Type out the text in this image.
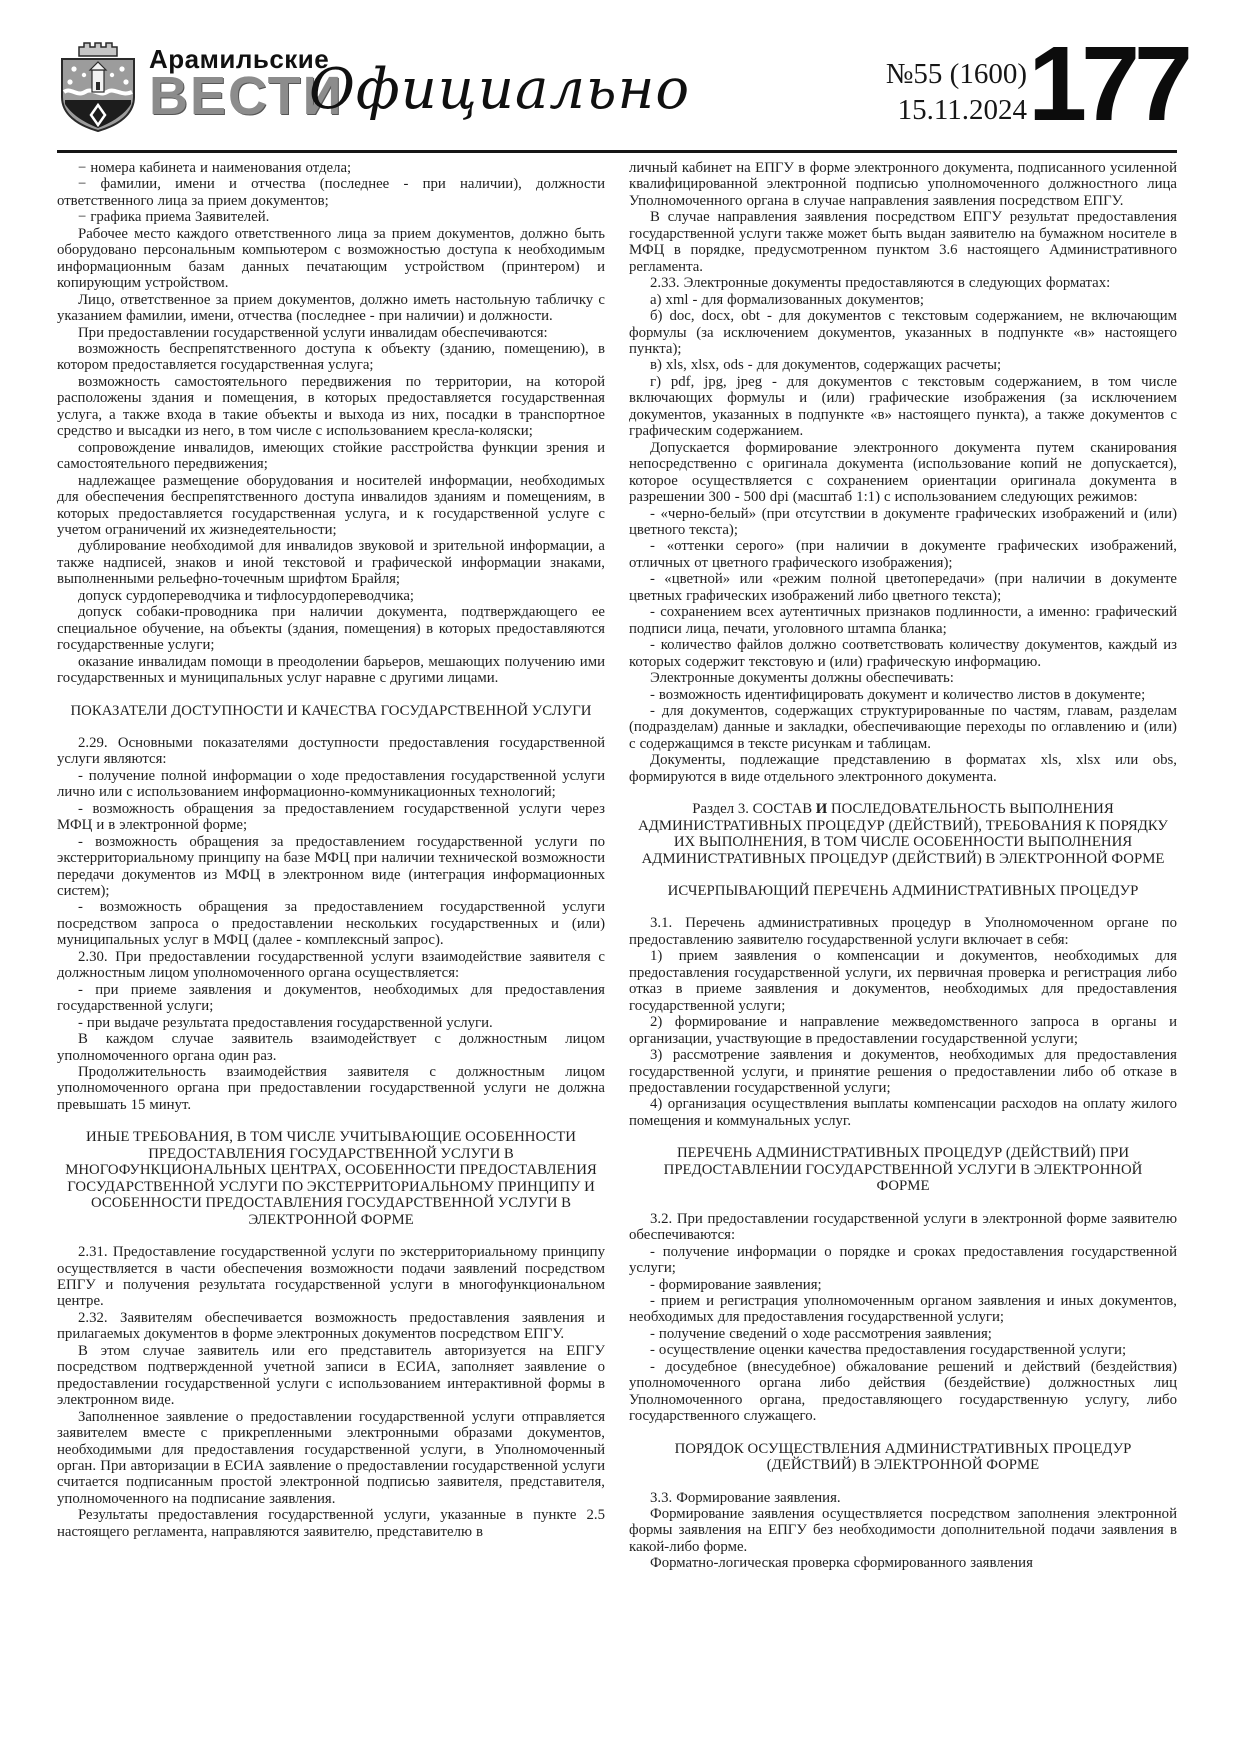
Арамильские
ВЕСТИ
Официально	№55 (1600)
15.11.2024 177

− номера кабинета и наименования отдела;

− фамилии, имени и отчества (последнее - при наличии), должности ответственного лица за прием документов;

− графика приема Заявителей.

Рабочее место каждого ответственного лица за прием документов, должно быть оборудовано персональным компьютером с возможностью доступа к необходимым информационным базам данных печатающим устройством (принтером) и копирующим устройством.

Лицо, ответственное за прием документов, должно иметь настольную табличку с указанием фамилии, имени, отчества (последнее - при наличии) и должности.

При предоставлении государственной услуги инвалидам обеспечиваются:

возможность беспрепятственного доступа к объекту (зданию, помещению), в котором предоставляется государственная услуга;

возможность самостоятельного передвижения по территории, на которой расположены здания и помещения, в которых предоставляется государственная услуга, а также входа в такие объекты и выхода из них, посадки в транспортное средство и высадки из него, в том числе с использованием кресла-коляски;

сопровождение инвалидов, имеющих стойкие расстройства функции зрения и самостоятельного передвижения;

надлежащее размещение оборудования и носителей информации, необходимых для обеспечения беспрепятственного доступа инвалидов зданиям и помещениям, в которых предоставляется государственная услуга, и к государственной услуге с учетом ограничений их жизнедеятельности;

дублирование необходимой для инвалидов звуковой и зрительной информации, а также надписей, знаков и иной текстовой и графической информации знаками, выполненными рельефно-точечным шрифтом Брайля;

допуск сурдопереводчика и тифлосурдопереводчика;

допуск собаки-проводника при наличии документа, подтверждающего ее специальное обучение, на объекты (здания, помещения) в которых предоставляются государственные услуги;

оказание инвалидам помощи в преодолении барьеров, мешающих получению ими государственных и муниципальных услуг наравне с другими лицами.

ПОКАЗАТЕЛИ ДОСТУПНОСТИ И КАЧЕСТВА ГОСУДАРСТВЕННОЙ УСЛУГИ

2.29. Основными показателями доступности предоставления государственной услуги являются:

- получение полной информации о ходе предоставления государственной услуги лично или с использованием информационно-коммуникационных технологий;

- возможность обращения за предоставлением государственной услуги через МФЦ и в электронной форме;

- возможность обращения за предоставлением государственной услуги по экстерриториальному принципу на базе МФЦ при наличии технической возможности передачи документов из МФЦ в электронном виде (интеграция информационных систем);

- возможность обращения за предоставлением государственной услуги посредством запроса о предоставлении нескольких государственных и (или) муниципальных услуг в МФЦ (далее - комплексный запрос).

2.30. При предоставлении государственной услуги взаимодействие заявителя с должностным лицом уполномоченного органа осуществляется:

- при приеме заявления и документов, необходимых для предоставления государственной услуги;

- при выдаче результата предоставления государственной услуги.

В каждом случае заявитель взаимодействует с должностным лицом уполномоченного органа один раз.

Продолжительность взаимодействия заявителя с должностным лицом уполномоченного органа при предоставлении государственной услуги не должна превышать 15 минут.

ИНЫЕ ТРЕБОВАНИЯ, В ТОМ ЧИСЛЕ УЧИТЫВАЮЩИЕ ОСОБЕННОСТИ ПРЕДОСТАВЛЕНИЯ ГОСУДАРСТВЕННОЙ УСЛУГИ В МНОГОФУНКЦИОНАЛЬНЫХ ЦЕНТРАХ, ОСОБЕННОСТИ ПРЕДОСТАВЛЕНИЯ ГОСУДАРСТВЕННОЙ УСЛУГИ ПО ЭКСТЕРРИТОРИАЛЬНОМУ ПРИНЦИПУ И ОСОБЕННОСТИ ПРЕДОСТАВЛЕНИЯ ГОСУДАРСТВЕННОЙ УСЛУГИ В ЭЛЕКТРОННОЙ ФОРМЕ

2.31. Предоставление государственной услуги по экстерриториальному принципу осуществляется в части обеспечения возможности подачи заявлений посредством ЕПГУ и получения результата государственной услуги в многофункциональном центре.

2.32. Заявителям обеспечивается возможность предоставления заявления и прилагаемых документов в форме электронных документов посредством ЕПГУ.

В этом случае заявитель или его представитель авторизуется на ЕПГУ посредством подтвержденной учетной записи в ЕСИА, заполняет заявление о предоставлении государственной услуги с использованием интерактивной формы в электронном виде.

Заполненное заявление о предоставлении государственной услуги отправляется заявителем вместе с прикрепленными электронными образами документов, необходимыми для предоставления государственной услуги, в Уполномоченный орган. При авторизации в ЕСИА заявление о предоставлении государственной услуги считается подписанным простой электронной подписью заявителя, представителя, уполномоченного на подписание заявления.

Результаты предоставления государственной услуги, указанные в пункте 2.5 настоящего регламента, направляются заявителю, представителю в

личный кабинет на ЕПГУ в форме электронного документа, подписанного усиленной квалифицированной электронной подписью уполномоченного должностного лица Уполномоченного органа в случае направления заявления посредством ЕПГУ.

В случае направления заявления посредством ЕПГУ результат предоставления государственной услуги также может быть выдан заявителю на бумажном носителе в МФЦ в порядке, предусмотренном пунктом 3.6 настоящего Административного регламента.

2.33. Электронные документы предоставляются в следующих форматах:

а) xml - для формализованных документов;

б) doc, docx, obt - для документов с текстовым содержанием, не включающим формулы (за исключением документов, указанных в подпункте «в» настоящего пункта);

в) xls, xlsx, ods - для документов, содержащих расчеты;

г) pdf, jpg, jpeg - для документов с текстовым содержанием, в том числе включающих формулы и (или) графические изображения (за исключением документов, указанных в подпункте «в» настоящего пункта), а также документов с графическим содержанием.

Допускается формирование электронного документа путем сканирования непосредственно с оригинала документа (использование копий не допускается), которое осуществляется с сохранением ориентации оригинала документа в разрешении 300 - 500 dpi (масштаб 1:1) с использованием следующих режимов:

- «черно-белый» (при отсутствии в документе графических изображений и (или) цветного текста);

- «оттенки серого» (при наличии в документе графических изображений, отличных от цветного графического изображения);

- «цветной» или «режим полной цветопередачи» (при наличии в документе цветных графических изображений либо цветного текста);

- сохранением всех аутентичных признаков подлинности, а именно: графический подписи лица, печати, уголовного штампа бланка;

- количество файлов должно соответствовать количеству документов, каждый из которых содержит текстовую и (или) графическую информацию.

Электронные документы должны обеспечивать:

- возможность идентифицировать документ и количество листов в документе;

- для документов, содержащих структурированные по частям, главам, разделам (подразделам) данные и закладки, обеспечивающие переходы по оглавлению и (или) с содержащимся в тексте рисункам и таблицам.

Документы, подлежащие представлению в форматах xls, xlsx или obs, формируются в виде отдельного электронного документа.

Раздел 3. СОСТАВ И ПОСЛЕДОВАТЕЛЬНОСТЬ ВЫПОЛНЕНИЯ АДМИНИСТРАТИВНЫХ ПРОЦЕДУР (ДЕЙСТВИЙ), ТРЕБОВАНИЯ К ПОРЯДКУ ИХ ВЫПОЛНЕНИЯ, В ТОМ ЧИСЛЕ ОСОБЕННОСТИ ВЫПОЛНЕНИЯ АДМИНИСТРАТИВНЫХ ПРОЦЕДУР (ДЕЙСТВИЙ) В ЭЛЕКТРОННОЙ ФОРМЕ
ИСЧЕРПЫВАЮЩИЙ ПЕРЕЧЕНЬ АДМИНИСТРАТИВНЫХ ПРОЦЕДУР

3.1. Перечень административных процедур в Уполномоченном органе по предоставлению заявителю государственной услуги включает в себя:

1) прием заявления о компенсации и документов, необходимых для предоставления государственной услуги, их первичная проверка и регистрация либо отказ в приеме заявления и документов, необходимых для предоставления государственной услуги;

2) формирование и направление межведомственного запроса в органы и организации, участвующие в предоставлении государственной услуги;

3) рассмотрение заявления и документов, необходимых для предоставления государственной услуги, и принятие решения о предоставлении либо об отказе в предоставлении государственной услуги;

4) организация осуществления выплаты компенсации расходов на оплату жилого помещения и коммунальных услуг.

ПЕРЕЧЕНЬ АДМИНИСТРАТИВНЫХ ПРОЦЕДУР (ДЕЙСТВИЙ) ПРИ ПРЕДОСТАВЛЕНИИ ГОСУДАРСТВЕННОЙ УСЛУГИ В ЭЛЕКТРОННОЙ ФОРМЕ

3.2. При предоставлении государственной услуги в электронной форме заявителю обеспечиваются:

- получение информации о порядке и сроках предоставления государственной услуги;

- формирование заявления;

- прием и регистрация уполномоченным органом заявления и иных документов, необходимых для предоставления государственной услуги;

- получение сведений о ходе рассмотрения заявления;

- осуществление оценки качества предоставления государственной услуги;

- досудебное (внесудебное) обжалование решений и действий (бездействия) уполномоченного органа либо действия (бездействие) должностных лиц Уполномоченного органа, предоставляющего государственную услугу, либо государственного служащего.

ПОРЯДОК ОСУЩЕСТВЛЕНИЯ АДМИНИСТРАТИВНЫХ ПРОЦЕДУР (ДЕЙСТВИЙ) В ЭЛЕКТРОННОЙ ФОРМЕ

3.3. Формирование заявления.

Формирование заявления осуществляется посредством заполнения электронной формы заявления на ЕПГУ без необходимости дополнительной подачи заявления в какой-либо форме.

Форматно-логическая проверка сформированного заявления
